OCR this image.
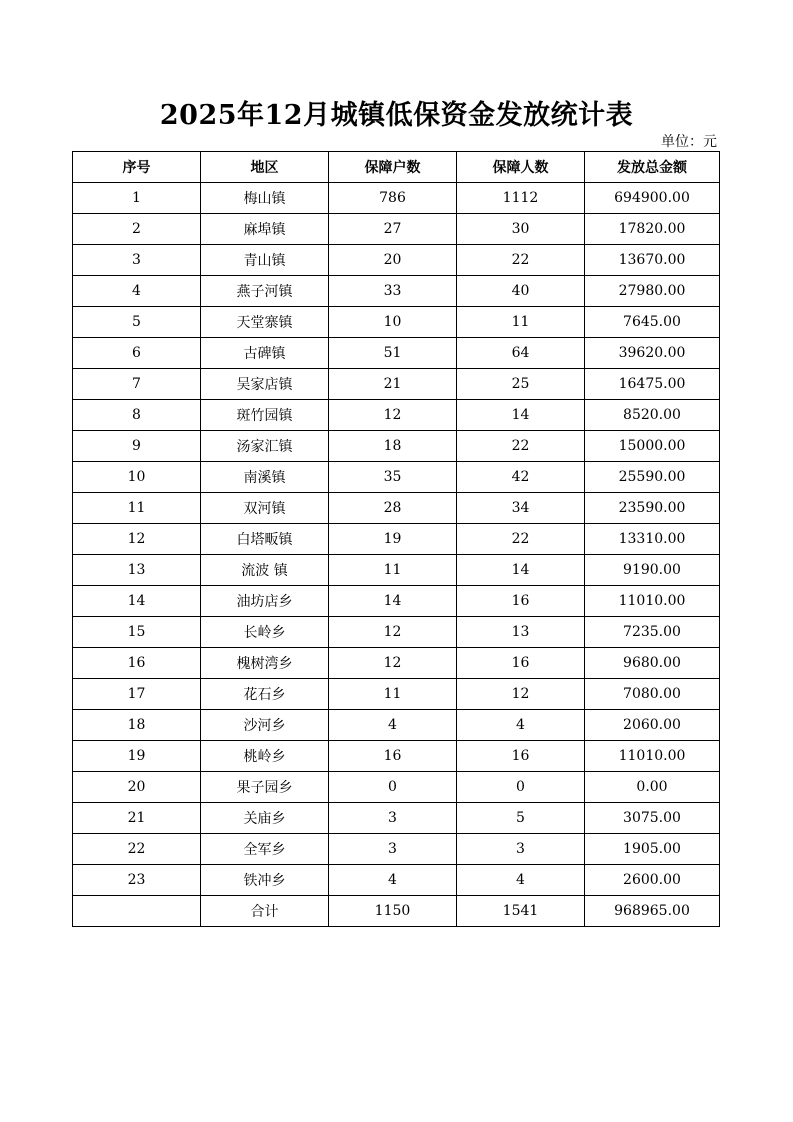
2025年12月城镇低保资金发放统计表
单位：元
序号	地区	保障户数	保障人数	发放总金额
1	梅山镇	786	1112	694900.00
2	麻埠镇	27	30	17820.00
3	青山镇	20	22	13670.00
4	燕子河镇	33	40	27980.00
5	天堂寨镇	10	11	7645.00
6	古碑镇	51	64	39620.00
7	吴家店镇	21	25	16475.00
8	斑竹园镇	12	14	8520.00
9	汤家汇镇	18	22	15000.00
10	南溪镇	35	42	25590.00
11	双河镇	28	34	23590.00
12	白塔畈镇	19	22	13310.00
13	流波 镇	11	14	9190.00
14	油坊店乡	14	16	11010.00
15	长岭乡	12	13	7235.00
16	槐树湾乡	12	16	9680.00
17	花石乡	11	12	7080.00
18	沙河乡	4	4	2060.00
19	桃岭乡	16	16	11010.00
20	果子园乡	0	0	0.00
21	关庙乡	3	5	3075.00
22	全军乡	3	3	1905.00
23	铁冲乡	4	4	2600.00
	合计	1150	1541	968965.00
